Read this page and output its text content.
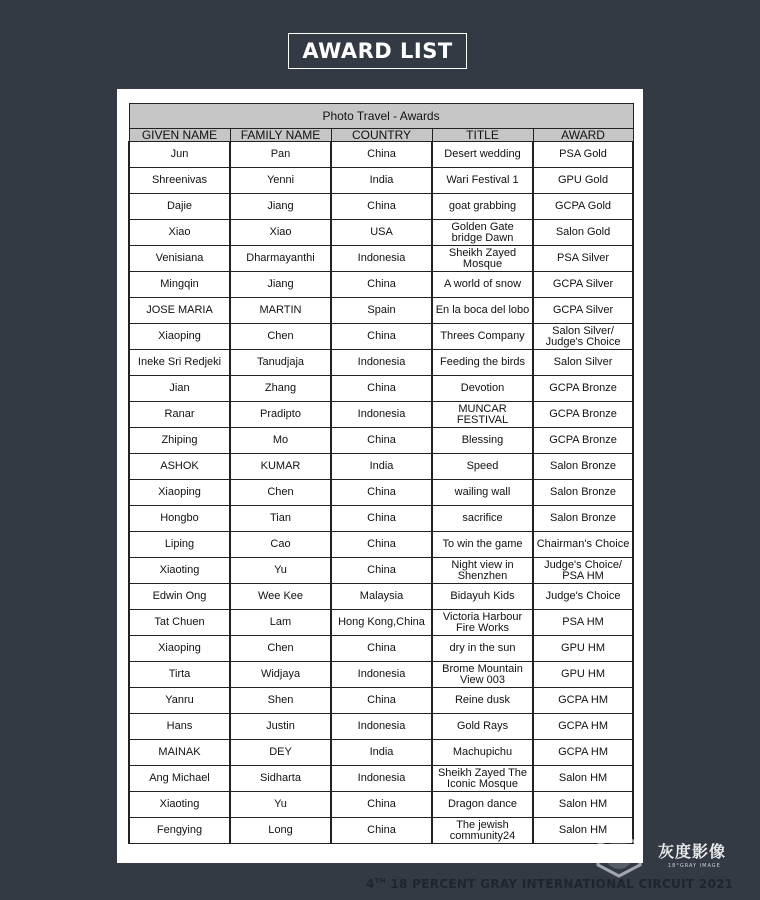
AWARD LIST
Photo Travel - Awards				
GIVEN NAME	FAMILY NAME	COUNTRY	TITLE	AWARD
Jun	Pan	China	Desert wedding	PSA Gold
Shreenivas	Yenni	India	Wari Festival 1	GPU Gold
Dajie	Jiang	China	goat grabbing	GCPA Gold
Xiao	Xiao	USA	Golden Gate bridge Dawn	Salon Gold
Venisiana	Dharmayanthi	Indonesia	Sheikh Zayed Mosque	PSA Silver
Mingqin	Jiang	China	A world of snow	GCPA Silver
JOSE MARIA	MARTIN	Spain	En la boca del lobo	GCPA Silver
Xiaoping	Chen	China	Threes Company	Salon Silver/ Judge's Choice
Ineke Sri Redjeki	Tanudjaja	Indonesia	Feeding the birds	Salon Silver
Jian	Zhang	China	Devotion	GCPA Bronze
Ranar	Pradipto	Indonesia	MUNCAR FESTIVAL	GCPA Bronze
Zhiping	Mo	China	Blessing	GCPA Bronze
ASHOK	KUMAR	India	Speed	Salon Bronze
Xiaoping	Chen	China	wailing wall	Salon Bronze
Hongbo	Tian	China	sacrifice	Salon Bronze
Liping	Cao	China	To win the game	Chairman's Choice
Xiaoting	Yu	China	Night view in Shenzhen	Judge's Choice/ PSA HM
Edwin Ong	Wee Kee	Malaysia	Bidayuh Kids	Judge's Choice
Tat Chuen	Lam	Hong Kong,China	Victoria Harbour Fire Works	PSA HM
Xiaoping	Chen	China	dry in the sun	GPU HM
Tirta	Widjaya	Indonesia	Brome Mountain View 003	GPU HM
Yanru	Shen	China	Reine dusk	GCPA HM
Hans	Justin	Indonesia	Gold Rays	GCPA HM
MAINAK	DEY	India	Machupichu	GCPA HM
Ang Michael	Sidharta	Indonesia	Sheikh Zayed The Iconic Mosque	Salon HM
Xiaoting	Yu	China	Dragon dance	Salon HM
Fengying	Long	China	The jewish community24	Salon HM
4TH 18 PERCENT GRAY INTERNATIONAL CIRCUIT 2021
18° 灰度影像
18°GRAY IMAGE
